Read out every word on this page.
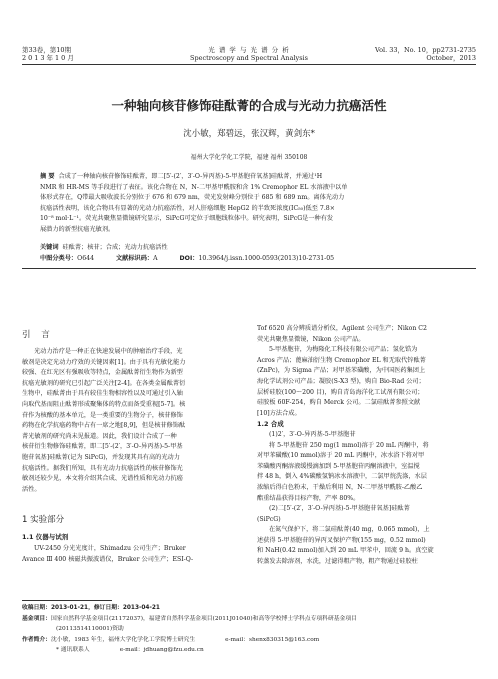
第33卷，第10期
2013年10月
光 谱 学 与 光 谱 分 析
Spectroscopy and Spectral Analysis
Vol. 33，No. 10，pp2731-2735
October，2013
一种轴向核苷修饰硅酞菁的合成与光动力抗癌活性
沈小敏，郑碧远，张汉辉，黄剑东*
福州大学化学化工学院，福建 福州 350108
摘 要 合成了一种轴向核苷修饰硅酞菁，即二[5′-(2′，3′-O-异丙基)-5-甲基胞苷氧基]硅酞菁，并通过¹H
NMR 和 HR-MS 等手段进行了表征。该化合物在 N，N-二甲基甲酰胺和含 1% Cremophor EL 水溶液中以单
体形式存在，Q带最大吸收波长分别位于 676 和 679 nm，荧光发射峰分别位于 685 和 689 nm。离体光动力
抗癌活性表明，该化合物具有显著的光动力抗癌活性，对人肝癌细胞 HepG2 的半致死浓度(IC₅₀)低至 7.8×
10⁻⁸ mol·L⁻¹。荧光共聚焦显微镜研究显示，SiPcG可定位于细胞线粒体中。研究表明，SiPcG是一种有发
展潜力的新型抗癌光敏剂。
关键词 硅酞菁；核苷；合成；光动力抗癌活性
中图分类号：O644	文献标识码：A	DOI：10.3964/j.issn.1000-0593(2013)10-2731-05
引 言
光动力治疗是一种正在快速发展中的肿瘤治疗手段，光
敏剂是决定光动力疗效的关键因素[1]。由于具有光敏化能力
较强、在红光区有强吸收等特点，金属酞菁衍生物作为新型
抗癌光敏剂的研究已引起广泛关注[2-4]。在各类金属酞菁衍
生物中，硅酞菁由于具有较佳生物相容性以及可通过引入轴
向取代基而阻止酞菁形成聚集体的特点而备受重视[5-7]。核
苷作为核酸的基本单元，是一类重要的生物分子，核苷修饰
药物在化学抗癌药物中占有一席之地[8,9]，但是核苷修饰酞
菁光敏剂的研究尚未见报道。因此，我们设计合成了一种
核苷衍生物修饰硅酞菁，即二[5′-(2′，3′-O-异丙基)-5-甲基
胞苷氧基]硅酞菁(记为 SiPcG)，并发现其具有高的光动力
抗癌活性。据我们所知，具有光动力抗癌活性的核苷修饰光
敏剂还较少见，本文将介绍其合成、光谱性质和光动力抗癌
活性。
1 实验部分
1.1 仪器与试剂
UV-2450 分光光度计，Shimadzu 公司生产；Bruker
Avance Ⅲ 400 核磁共振波谱仪，Bruker 公司生产；ESI-Q-
Tof 6520 高分辨质谱分析仪，Agilent 公司生产；Nikon C2
荧光共聚焦显微镜，Nikon 公司产品。
5-甲基胞苷，为梅隆化工科技有限公司产品；氢化锆为
Acros 产品；蓖麻油衍生物 Cremophor EL 和无取代锌酞菁
(ZnPc)，为 Sigma 产品；对甲基苯磺酸，为中国医药集团上
海化学试剂公司产品；凝胶(S-X3 型)，购自 Bio-Rad 公司；
层析硅胶(100～200 目)，购自青岛海洋化工试剂有限公司；
硅胶板 60F-254，购自 Merck 公司。二氯硅酞菁参照文献
[10]方法合成。
1.2 合成
(1)2′，3′-O-异丙基-5-甲基胞苷
将 5-甲基胞苷 250 mg(1 mmol)溶于 20 mL 丙酮中，将
对甲苯磺酸(10 mmol)溶于 20 mL 丙酮中，冰水浴下将对甲
苯磺酸丙酮溶液缓慢滴加到 5-甲基胞苷丙酮溶液中，室温搅
拌 48 h，倒入 4%碳酸氢钠冰水溶液中，二氯甲烷洗涤，水层
浓缩后得白色粉末，干燥后利用 N，N-二甲基甲酰胺-乙酸乙
酯重结晶获得目标产物，产率 80%。
(2)二[5′-(2′，3′-O-异丙基)-5-甲基胞苷氧基]硅酞菁
(SiPcG)
在氮气保护下，将二氯硅酞菁(40 mg，0.065 mmol)，上
述获得 5-甲基胞苷的异丙叉保护产物(155 mg，0.52 mmol)
和 NaH(0.42 mmol)加入到 20 mL 甲苯中，回流 9 h。真空旋
转蒸发去除溶剂，水洗，过滤得粗产物，粗产物通过硅胶柱
收稿日期：2013-01-21，修订日期：2013-04-21
基金项目：国家自然科学基金项目(21172037)，福建省自然科学基金项目(2011J01040)和高等学校博士学科点专项科研基金项目
(20113514110001)资助
作者简介：沈小敏，1983 年生，福州大学化学化工学院博士研究生	e-mail：shenx830315@163.com
* 通讯联系人	e-mail：jdhuang@fzu.edu.cn
